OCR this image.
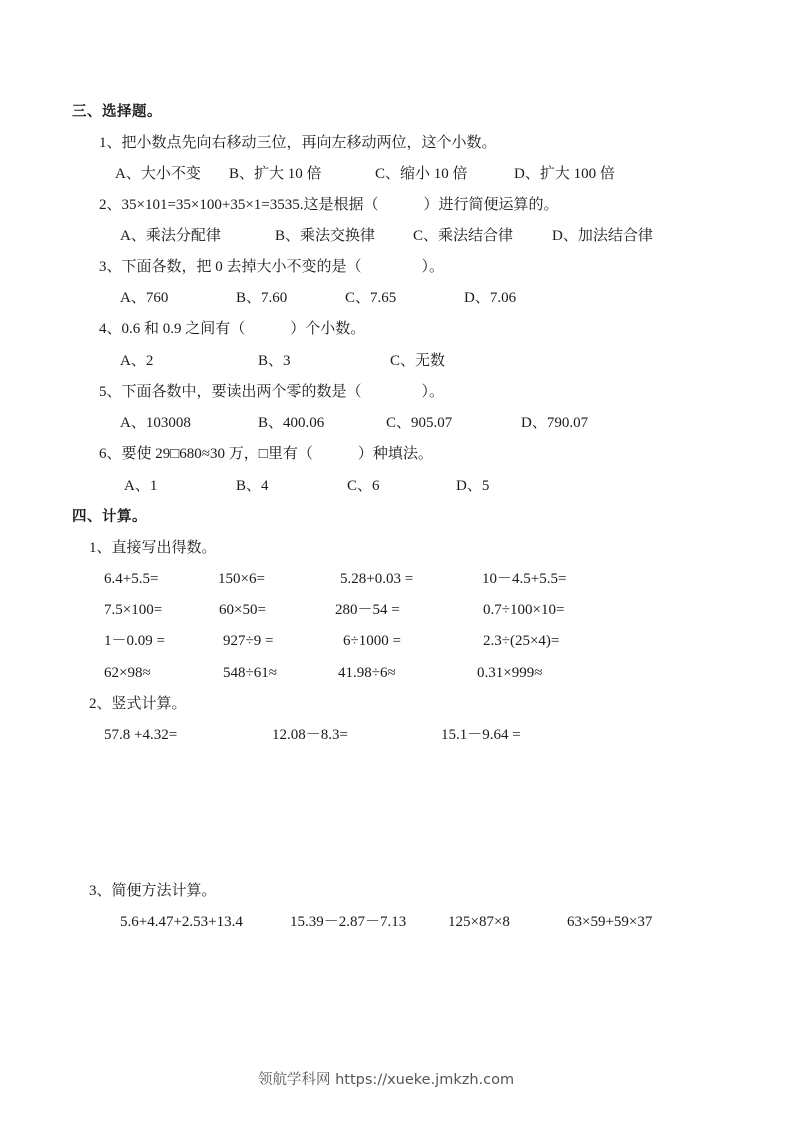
三、选择题。
1、把小数点先向右移动三位，再向左移动两位，这个小数。
A、大小不变 B、扩大 10 倍	C、缩小 10 倍	D、扩大 100 倍
2、35×101=35×100+35×1=3535.这是根据（　　　）进行简便运算的。
A、乘法分配律	B、乘法交换律	C、乘法结合律	D、加法结合律
3、下面各数，把 0 去掉大小不变的是（　　　　）。
A、760	B、7.60	C、7.65	D、7.06
4、0.6 和 0.9 之间有（　　　）个小数。
A、2	B、3	C、无数
5、下面各数中，要读出两个零的数是（　　　　）。
A、103008	B、400.06	C、905.07	D、790.07
6、要使 29□680≈30 万，□里有（　　　）种填法。
A、1	B、4	C、6	D、5
四、计算。
1、直接写出得数。
6.4+5.5=	150×6=	5.28+0.03 =	10－4.5+5.5=
7.5×100=	60×50=	280－54 =	0.7÷100×10=
1－0.09 =	927÷9 =	6÷1000 =	2.3÷(25×4)=
62×98≈	548÷61≈	41.98÷6≈	0.31×999≈
2、竖式计算。
57.8 +4.32=	12.08－8.3=	15.1－9.64 =
3、简便方法计算。
5.6+4.47+2.53+13.4	15.39－2.87－7.13	125×87×8	63×59+59×37
领航学科网 https://xueke.jmkzh.com
